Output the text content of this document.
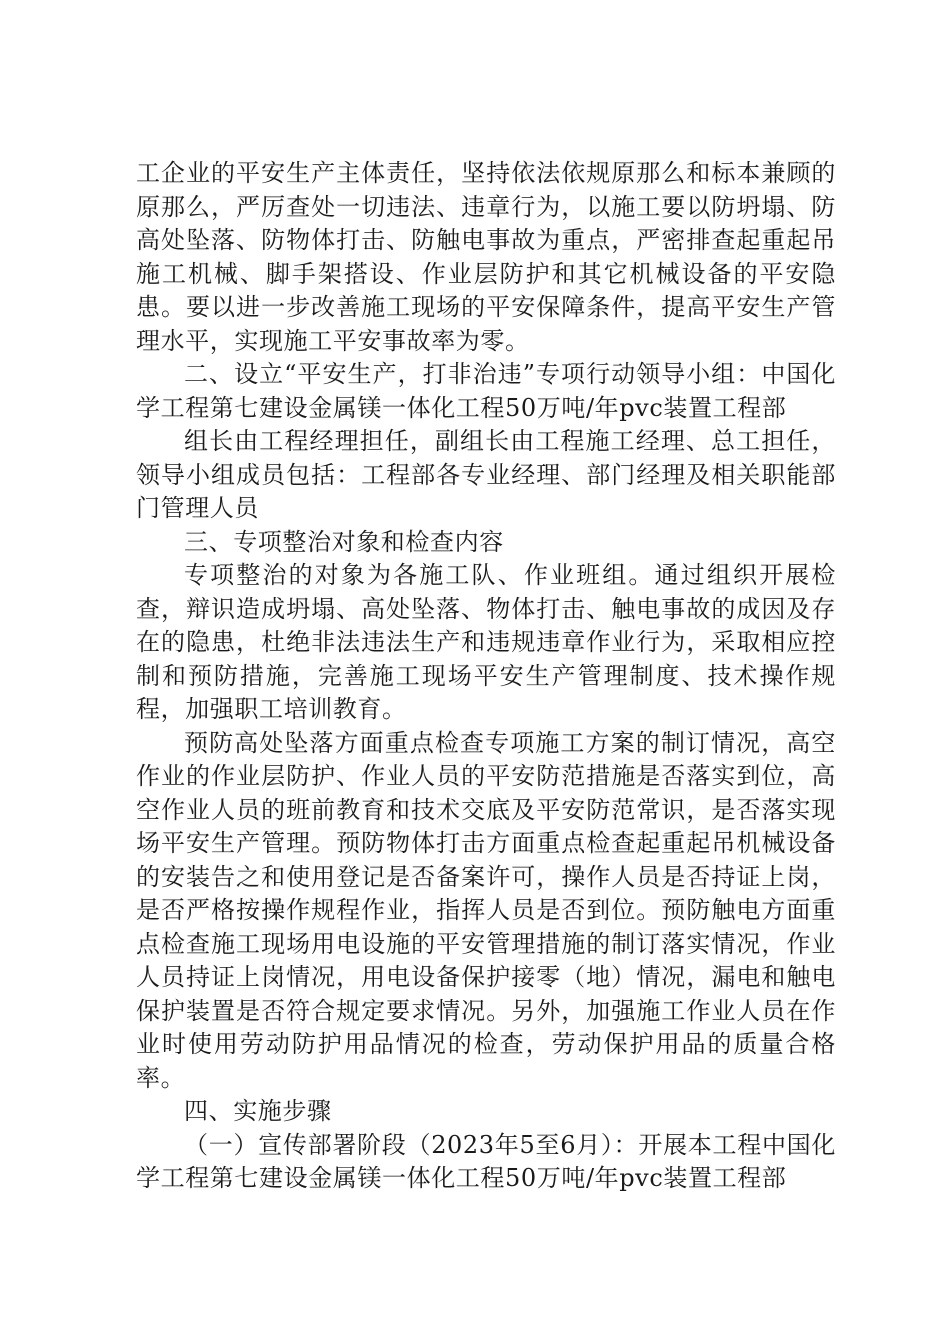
工企业的平安生产主体责任，坚持依法依规原那么和标本兼顾的原那么，严厉查处一切违法、违章行为，以施工要以防坍塌、防高处坠落、防物体打击、防触电事故为重点，严密排查起重起吊施工机械、脚手架搭设、作业层防护和其它机械设备的平安隐患。要以进一步改善施工现场的平安保障条件，提高平安生产管理水平，实现施工平安事故率为零。

二、设立“平安生产，打非治违”专项行动领导小组：中国化学工程第七建设金属镁一体化工程50万吨/年pvc装置工程部

组长由工程经理担任，副组长由工程施工经理、总工担任，领导小组成员包括：工程部各专业经理、部门经理及相关职能部门管理人员

三、专项整治对象和检查内容

专项整治的对象为各施工队、作业班组。通过组织开展检查，辩识造成坍塌、高处坠落、物体打击、触电事故的成因及存在的隐患，杜绝非法违法生产和违规违章作业行为，采取相应控制和预防措施，完善施工现场平安生产管理制度、技术操作规程，加强职工培训教育。

预防高处坠落方面重点检查专项施工方案的制订情况，高空作业的作业层防护、作业人员的平安防范措施是否落实到位，高空作业人员的班前教育和技术交底及平安防范常识，是否落实现场平安生产管理。预防物体打击方面重点检查起重起吊机械设备的安装告之和使用登记是否备案许可，操作人员是否持证上岗，是否严格按操作规程作业，指挥人员是否到位。预防触电方面重点检查施工现场用电设施的平安管理措施的制订落实情况，作业人员持证上岗情况，用电设备保护接零（地）情况，漏电和触电保护装置是否符合规定要求情况。另外，加强施工作业人员在作业时使用劳动防护用品情况的检查，劳动保护用品的质量合格率。

四、实施步骤

（一）宣传部署阶段（2023年5至6月）：开展本工程中国化学工程第七建设金属镁一体化工程50万吨/年pvc装置工程部
